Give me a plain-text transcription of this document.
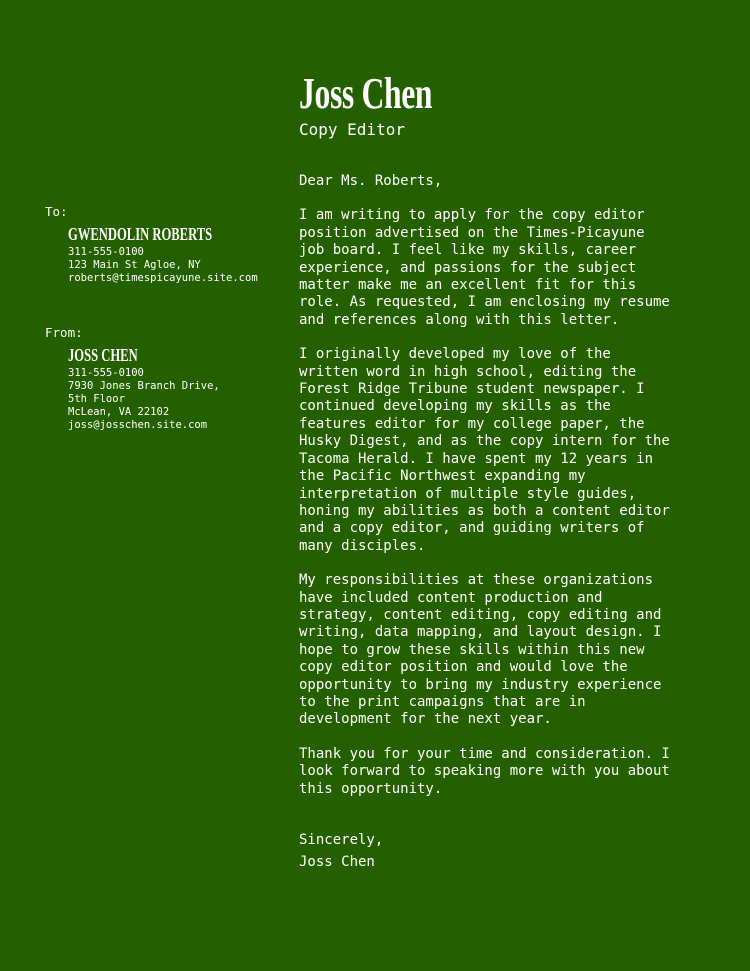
Joss Chen
Copy Editor
To:
GWENDOLIN ROBERTS
311-555-0100
123 Main St Agloe, NY
roberts@timespicayune.site.com
From:
JOSS CHEN
311-555-0100
7930 Jones Branch Drive,
5th Floor
McLean, VA 22102
joss@josschen.site.com

Dear Ms. Roberts,

I am writing to apply for the copy editor position advertised on the Times-Picayune job board. I feel like my skills, career experience, and passions for the subject matter make me an excellent fit for this role. As requested, I am enclosing my resume and references along with this letter.

I originally developed my love of the written word in high school, editing the Forest Ridge Tribune student newspaper. I continued developing my skills as the features editor for my college paper, the Husky Digest, and as the copy intern for the Tacoma Herald. I have spent my 12 years in the Pacific Northwest expanding my interpretation of multiple style guides, honing my abilities as both a content editor and a copy editor, and guiding writers of many disciples.

My responsibilities at these organizations have included content production and strategy, content editing, copy editing and writing, data mapping, and layout design. I hope to grow these skills within this new copy editor position and would love the opportunity to bring my industry experience to the print campaigns that are in development for the next year.

Thank you for your time and consideration. I look forward to speaking more with you about this opportunity.

Sincerely,
Joss Chen
